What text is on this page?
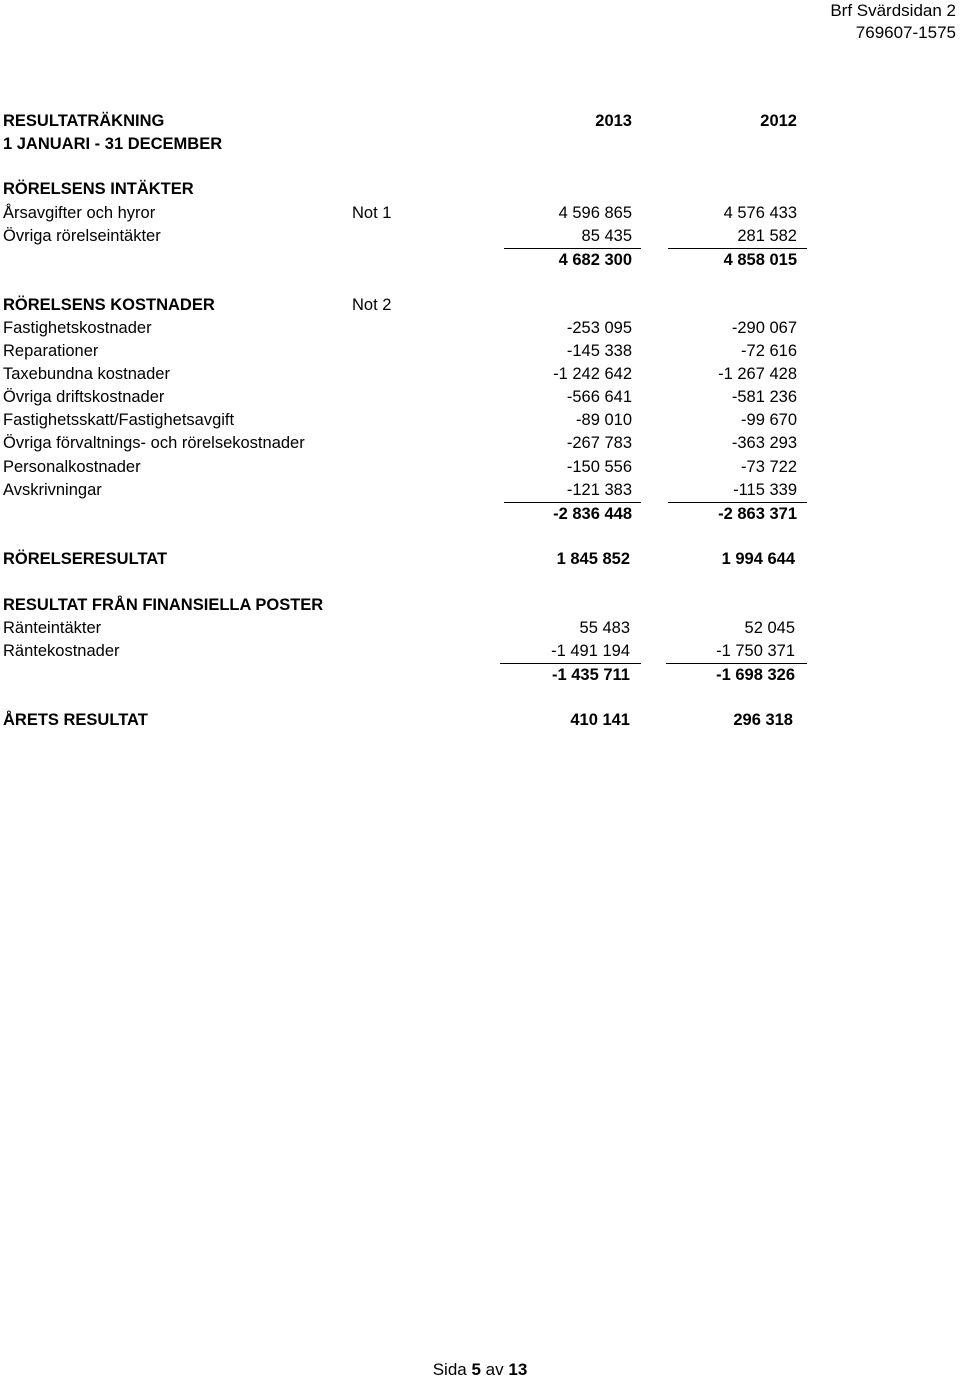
Brf Svärdsidan 2
769607-1575
RESULTATRÄKNING	2013	2012
1 JANUARI - 31 DECEMBER
RÖRELSENS INTÄKTER
Årsavgifter och hyror	Not 1	4 596 865	4 576 433
Övriga rörelseintäkter	85 435	281 582
4 682 300	4 858 015
RÖRELSENS KOSTNADER	Not 2
Fastighetskostnader	-253 095	-290 067
Reparationer	-145 338	-72 616
Taxebundna kostnader	-1 242 642	-1 267 428
Övriga driftskostnader	-566 641	-581 236
Fastighetsskatt/Fastighetsavgift	-89 010	-99 670
Övriga förvaltnings- och rörelsekostnader	-267 783	-363 293
Personalkostnader	-150 556	-73 722
Avskrivningar	-121 383	-115 339
-2 836 448	-2 863 371
RÖRELSERESULTAT	1 845 852	1 994 644
RESULTAT FRÅN FINANSIELLA POSTER
Ränteintäkter	55 483	52 045
Räntekostnader	-1 491 194	-1 750 371
-1 435 711	-1 698 326
ÅRETS RESULTAT	410 141	296 318
Sida 5 av 13
